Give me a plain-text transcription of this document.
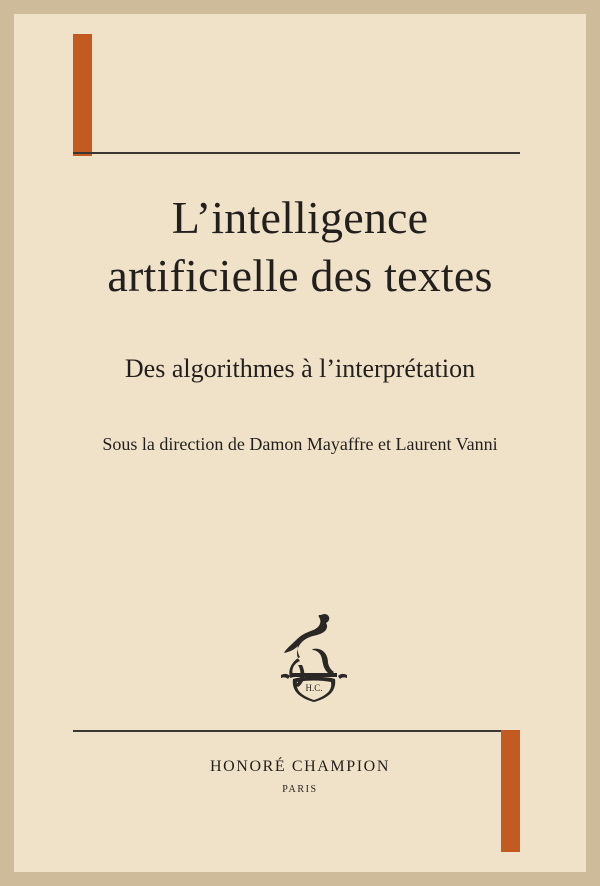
L’intelligence
artificielle des textes
Des algorithmes à l’interprétation
Sous la direction de Damon Mayaffre et Laurent Vanni
H.C.
HONORÉ CHAMPION
PARIS
